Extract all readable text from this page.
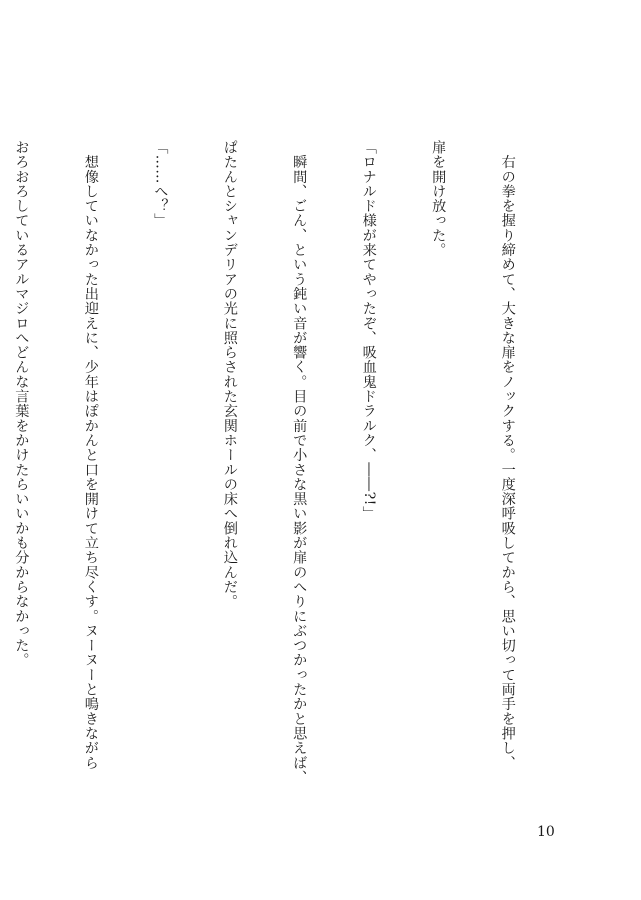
　右の拳を握り締めて、大きな扉をノックする。一度深呼吸してから、思い切って両手を押し、

扉を開け放った。

「ロナルド様が来てやったぞ、吸血鬼ドラルク、――?!」

　瞬間、ごん、という鈍い音が響く。目の前で小さな黒い影が扉のへりにぶつかったかと思えば、

ぱたんとシャンデリアの光に照らされた玄関ホールの床へ倒れ込んだ。

「……へ？」

　想像していなかった出迎えに、少年はぽかんと口を開けて立ち尽くす。ヌーヌーと鳴きながら

おろおろしているアルマジロへどんな言葉をかけたらいいかも分からなかった。

10
